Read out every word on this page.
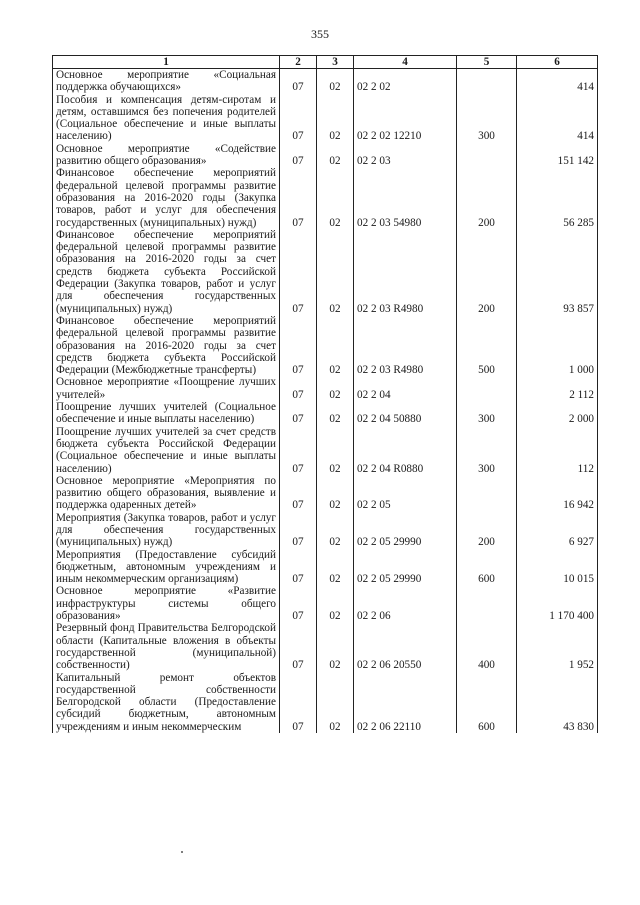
355
1	2	3	4	5	6
Основное мероприятие «Социальная поддержка обучающихся»	07	02	02 2 02		414
Пособия и компенсация детям-сиротам и детям, оставшимся без попечения родителей (Социальное обеспечение и иные выплаты населению)	07	02	02 2 02 12210	300	414
Основное мероприятие «Содействие развитию общего образования»	07	02	02 2 03		151 142
Финансовое обеспечение мероприятий федеральной целевой программы развитие образования на 2016-2020 годы (Закупка товаров, работ и услуг для обеспечения государственных (муниципальных) нужд)	07	02	02 2 03 54980	200	56 285
Финансовое обеспечение мероприятий федеральной целевой программы развитие образования на 2016-2020 годы за счет средств бюджета субъекта Российской Федерации (Закупка товаров, работ и услуг для обеспечения государственных (муниципальных) нужд)	07	02	02 2 03 R4980	200	93 857
Финансовое обеспечение мероприятий федеральной целевой программы развитие образования на 2016-2020 годы за счет средств бюджета субъекта Российской Федерации (Межбюджетные трансферты)	07	02	02 2 03 R4980	500	1 000
Основное мероприятие «Поощрение лучших учителей»	07	02	02 2 04		2 112
Поощрение лучших учителей (Социальное обеспечение и иные выплаты населению)	07	02	02 2 04 50880	300	2 000
Поощрение лучших учителей за счет средств бюджета субъекта Российской Федерации (Социальное обеспечение и иные выплаты населению)	07	02	02 2 04 R0880	300	112
Основное мероприятие «Мероприятия по развитию общего образования, выявление и поддержка одаренных детей»	07	02	02 2 05		16 942
Мероприятия (Закупка товаров, работ и услуг для обеспечения государственных (муниципальных) нужд)	07	02	02 2 05 29990	200	6 927
Мероприятия (Предоставление субсидий бюджетным, автономным учреждениям и иным некоммерческим организациям)	07	02	02 2 05 29990	600	10 015
Основное мероприятие «Развитие инфраструктуры системы общего образования»	07	02	02 2 06		1 170 400
Резервный фонд Правительства Белгородской области (Капитальные вложения в объекты государственной (муниципальной) собственности)	07	02	02 2 06 20550	400	1 952
Капитальный ремонт объектов государственной собственности Белгородской области (Предоставление субсидий бюджетным, автономным учреждениям и иным некоммерческим	07	02	02 2 06 22110	600	43 830
